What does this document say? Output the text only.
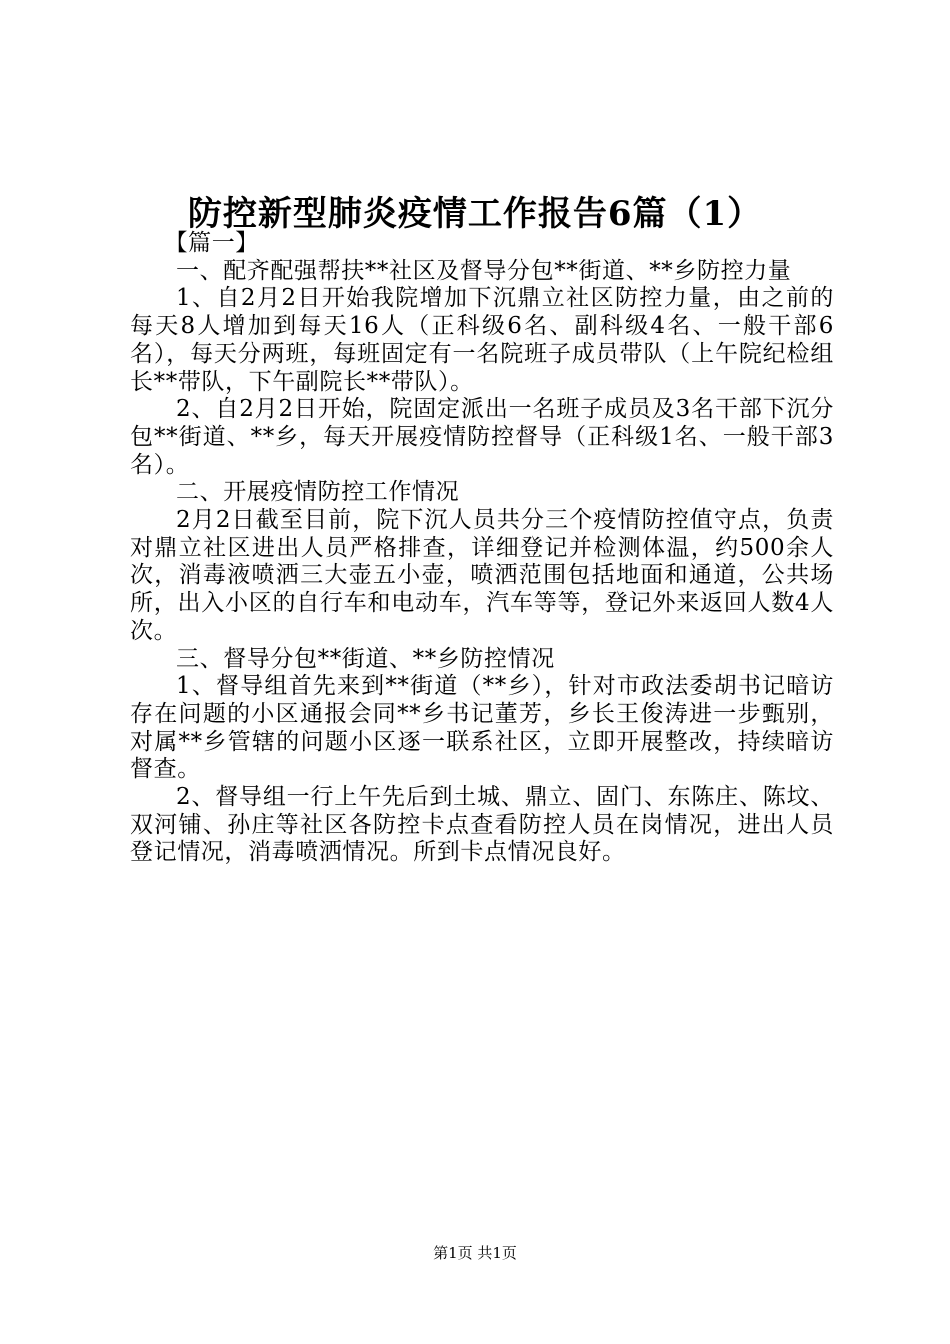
防控新型肺炎疫情工作报告6篇（1）

【篇一】

一、配齐配强帮扶**社区及督导分包**街道、**乡防控力量

1、自2月2日开始我院增加下沉鼎立社区防控力量，由之前的每天8人增加到每天16人（正科级6名、副科级4名、一般干部6名），每天分两班，每班固定有一名院班子成员带队（上午院纪检组长**带队，下午副院长**带队）。

2、自2月2日开始，院固定派出一名班子成员及3名干部下沉分包**街道、**乡，每天开展疫情防控督导（正科级1名、一般干部3名）。

二、开展疫情防控工作情况

2月2日截至目前，院下沉人员共分三个疫情防控值守点，负责对鼎立社区进出人员严格排查，详细登记并检测体温，约500余人次，消毒液喷洒三大壶五小壶，喷洒范围包括地面和通道，公共场所，出入小区的自行车和电动车，汽车等等，登记外来返回人数4人次。

三、督导分包**街道、**乡防控情况

1、督导组首先来到**街道（**乡），针对市政法委胡书记暗访存在问题的小区通报会同**乡书记董芳，乡长王俊涛进一步甄别，对属**乡管辖的问题小区逐一联系社区，立即开展整改，持续暗访督查。

2、督导组一行上午先后到土城、鼎立、固门、东陈庄、陈坟、双河铺、孙庄等社区各防控卡点查看防控人员在岗情况，进出人员登记情况，消毒喷洒情况。所到卡点情况良好。

第1页 共1页
